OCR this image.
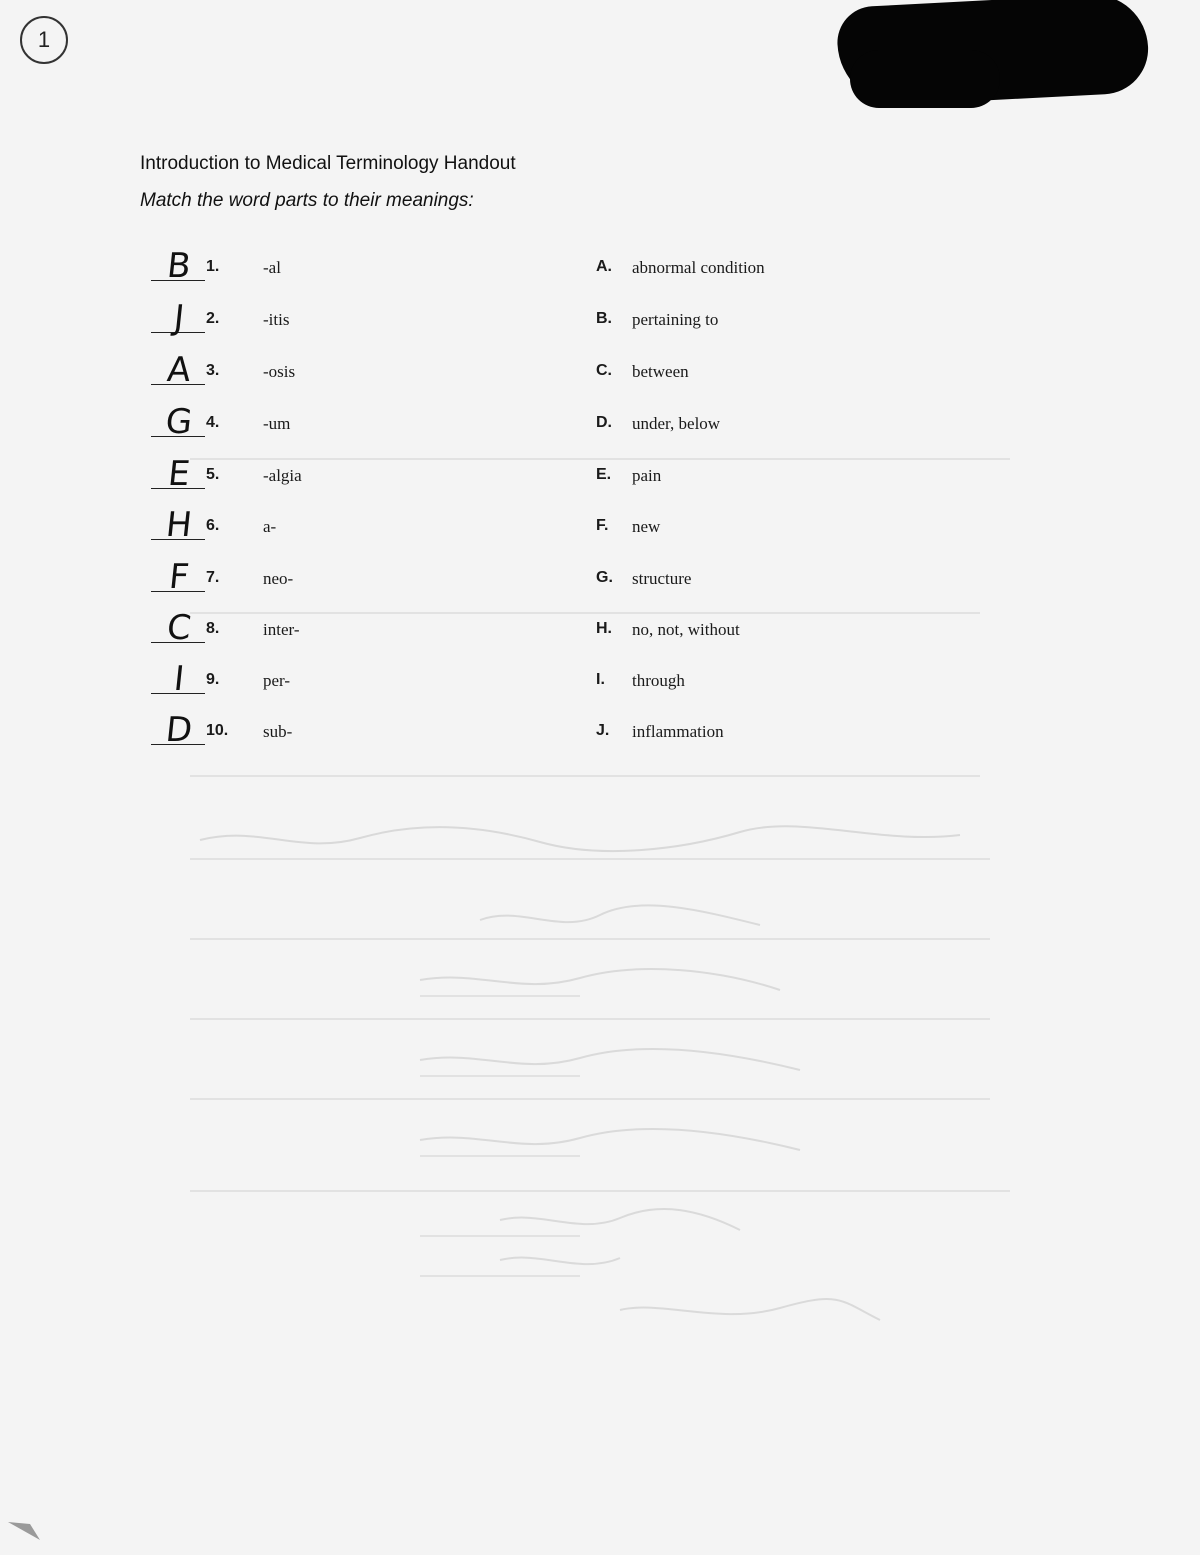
1
Introduction to Medical Terminology Handout
Match the word parts to their meanings:
B 1.	-al	A. abnormal condition
J	2.	-itis	B. pertaining to
A 3.	-osis	C. between
G 4.	-um	D. under, below
E 5.	-algia	E. pain
H 6.	a-	F. new
F 7.	neo-	G. structure
C 8.	inter-	H. no, not, without
I	9.	per-	I. through
D 10. sub-	J. inflammation
